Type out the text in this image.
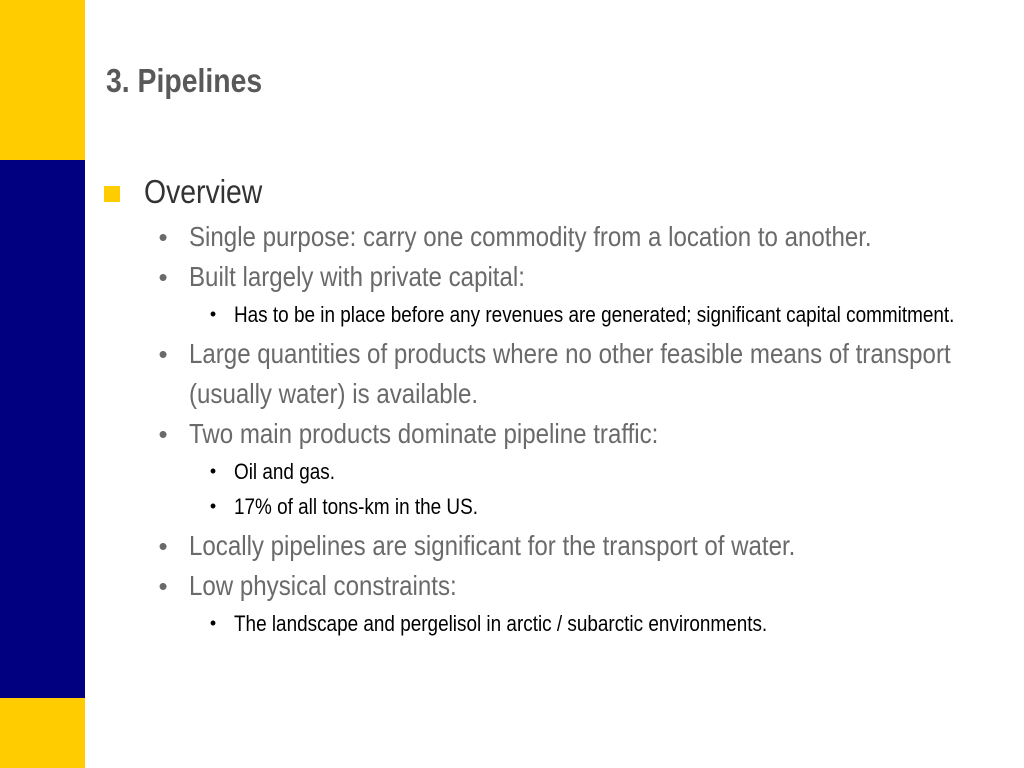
3. Pipelines
Overview
• Single purpose: carry one commodity from a location to another.
• Built largely with private capital:
• Has to be in place before any revenues are generated; significant capital commitment.
• Large quantities of products where no other feasible means of transport (usually water) is available.
• Two main products dominate pipeline traffic:
• Oil and gas.
• 17% of all tons-km in the US.
• Locally pipelines are significant for the transport of water.
• Low physical constraints:
• The landscape and pergelisol in arctic / subarctic environments.
